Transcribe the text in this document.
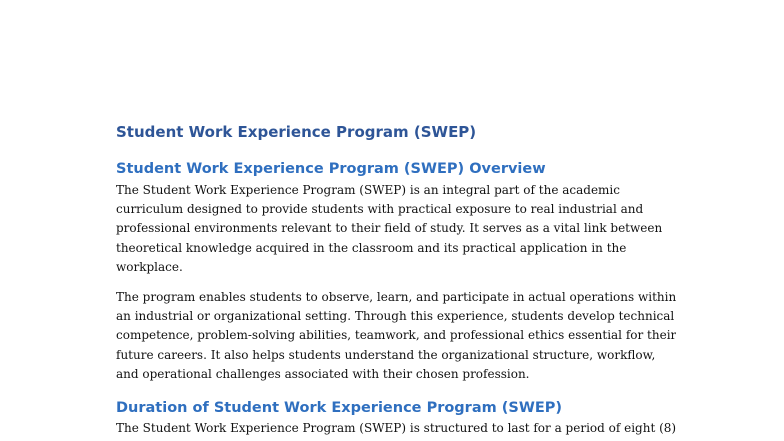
Student Work Experience Program (SWEP)
Student Work Experience Program (SWEP) Overview

The Student Work Experience Program (SWEP) is an integral part of the academic
curriculum designed to provide students with practical exposure to real industrial and
professional environments relevant to their field of study. It serves as a vital link between
theoretical knowledge acquired in the classroom and its practical application in the
workplace.

The program enables students to observe, learn, and participate in actual operations within
an industrial or organizational setting. Through this experience, students develop technical
competence, problem-solving abilities, teamwork, and professional ethics essential for their
future careers. It also helps students understand the organizational structure, workflow,
and operational challenges associated with their chosen profession.

Duration of Student Work Experience Program (SWEP)

The Student Work Experience Program (SWEP) is structured to last for a period of eight (8)
